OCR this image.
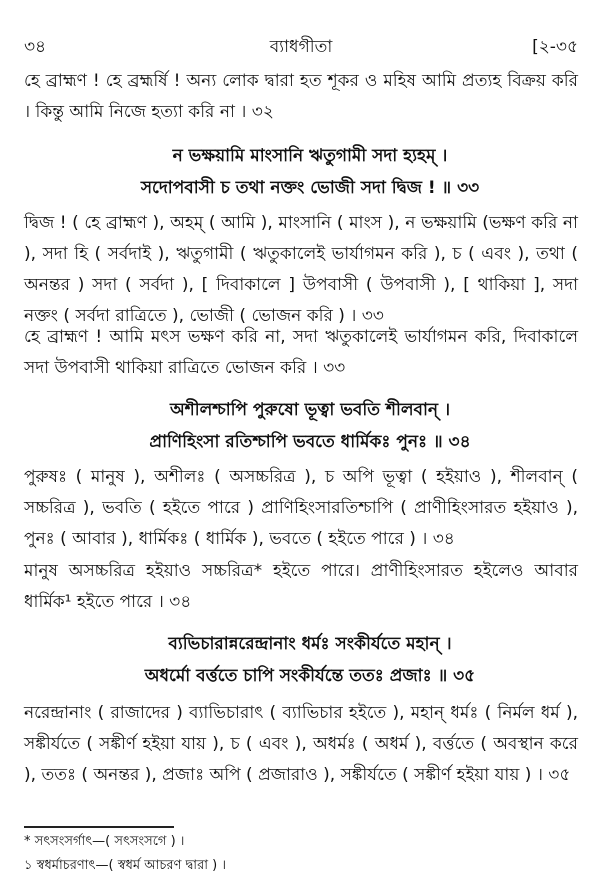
৩৪	ব্যাধগীতা	[২-৩৫
হে ব্রাহ্মণ ! হে ব্রহ্মর্ষি ! অন্য লোক দ্বারা হত শূকর ও মহিষ আমি প্রত্যহ বিক্রয় করি । কিন্তু আমি নিজে হত্যা করি না । ৩২
ন ভক্ষয়ামি মাংসানি ঋতুগামী সদা হ্যহম্ ।
সদোপবাসী চ তথা নক্তং ভোজী সদা দ্বিজ ! ॥ ৩৩
দ্বিজ ! ( হে ব্রাহ্মণ ), অহম্ ( আমি ), মাংসানি ( মাংস ), ন ভক্ষয়ামি (ভক্ষণ করি না ), সদা হি ( সর্বদাই ), ঋতুগামী ( ঋতুকালেই ভার্যাগমন করি ), চ ( এবং ), তথা ( অনন্তর ) সদা ( সর্বদা ), [ দিবাকালে ] উপবাসী ( উপবাসী ), [ থাকিয়া ], সদা নক্তং ( সর্বদা রাত্রিতে ), ভোজী ( ভোজন করি ) । ৩৩
হে ব্রাহ্মণ ! আমি মৎস ভক্ষণ করি না, সদা ঋতুকালেই ভার্যাগমন করি, দিবাকালে সদা উপবাসী থাকিয়া রাত্রিতে ভোজন করি । ৩৩
অশীলশ্চাপি পুরুষো ভূত্বা ভবতি শীলবান্ ।
প্রাণিহিংসা রতিশ্চাপি ভবতে ধার্মিকঃ পুনঃ ॥ ৩৪
পুরুষঃ ( মানুষ ), অশীলঃ ( অসচ্চরিত্র ), চ অপি ভূত্বা ( হইয়াও ), শীলবান্ ( সচ্চরিত্র ), ভবতি ( হইতে পারে ) প্রাণিহিংসারতিশ্চাপি ( প্রাণীহিংসারত হইয়াও ), পুনঃ ( আবার ), ধার্মিকঃ ( ধার্মিক ), ভবতে ( হইতে পারে ) । ৩৪
মানুষ অসচ্চরিত্র হইয়াও সচ্চরিত্র* হইতে পারে। প্রাণীহিংসারত হইলেও আবার ধার্মিক¹ হইতে পারে । ৩৪
ব্যভিচারান্নরেন্দ্রানাং ধর্মঃ সংকীর্যতে মহান্ ।
অধর্মো বর্ত্ততে চাপি সংকীর্যন্তে ততঃ প্রজাঃ ॥ ৩৫
নরেন্দ্রানাং ( রাজাদের ) ব্যাভিচারাৎ ( ব্যাভিচার হইতে ), মহান্ ধর্মঃ ( নির্মল ধর্ম ), সঙ্কীর্যতে ( সঙ্কীর্ণ হইয়া যায় ), চ ( এবং ), অধর্মঃ ( অধর্ম ), বর্ত্ততে ( অবস্থান করে ), ততঃ ( অনন্তর ), প্রজাঃ অপি ( প্রজারাও ), সঙ্কীর্যতে ( সঙ্কীর্ণ হইয়া যায় ) । ৩৫
* সৎসংসর্গাৎ—( সৎসংসগে ) ।
১ স্বধর্মাচরণাৎ—( স্বধর্ম আচরণ দ্বারা ) ।
